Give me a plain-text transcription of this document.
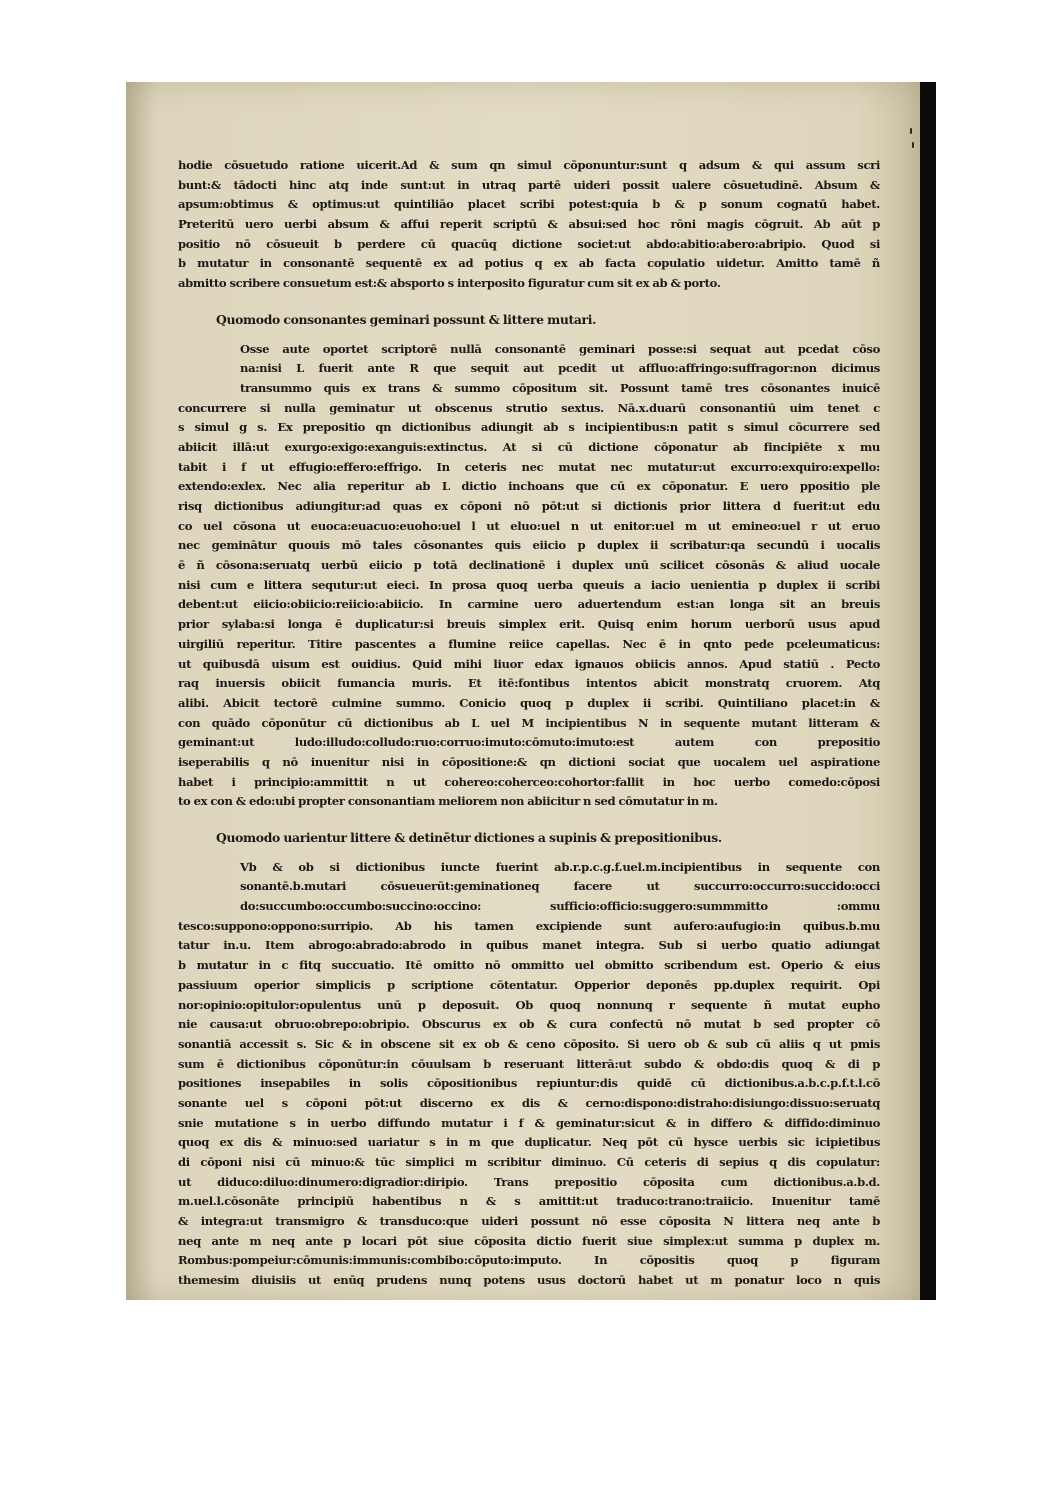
hodie cōsuetudo ratione uicerit.Ad & sum qn simul cōponuntur:sunt q adsum & qui assum scri
bunt:& tādocti hinc atq inde sunt:ut in utraq partē uideri possit ualere cōsuetudinē. Absum &
apsum:obtimus & optimus:ut quintiliāo placet scribi potest:quia b & p sonum cognatū habet.
Preteritū uero uerbi absum & affui reperit scriptū & absui:sed hoc rōni magis cōgruit. Ab aūt p
positio nō cōsueuit b perdere cū quacūq dictione societ:ut abdo:abitio:abero:abripio. Quod si
b mutatur in consonantē sequentē ex ad potius q ex ab facta copulatio uidetur. Amitto tamē ñ
abmitto scribere consuetum est:& absporto s interposito figuratur cum sit ex ab & porto.
Quomodo consonantes geminari possunt & littere mutari.
Osse aute oportet scriptorē nullā consonantē geminari posse:si sequat aut pcedat cōso
na:nisi L fuerit ante R que sequit aut pcedit ut affluo:affringo:suffragor:non dicimus
transummo quis ex trans & summo cōpositum sit. Possunt tamē tres cōsonantes inuicē
concurrere si nulla geminatur ut obscenus strutio sextus. Nā.x.duarū consonantiū uim tenet c
s simul g s. Ex prepositio qn dictionibus adiungit ab s incipientibus:n patit s simul cōcurrere sed
abiicit illā:ut exurgo:exigo:exanguis:extinctus. At si cū dictione cōponatur ab fincipiēte x mu
tabit i f ut effugio:effero:effrigo. In ceteris nec mutat nec mutatur:ut excurro:exquiro:expello:
extendo:exlex. Nec alia reperitur ab L dictio inchoans que cū ex cōponatur. E uero ppositio ple
risq dictionibus adiungitur:ad quas ex cōponi nō pōt:ut si dictionis prior littera d fuerit:ut edu
co uel cōsona ut euoca:euacuo:euoho:uel l ut eluo:uel n ut enitor:uel m ut emineo:uel r ut eruo
nec geminātur quouis mō tales cōsonantes quis eiicio p duplex ii scribatur:qa secundū i uocalis
ē ñ cōsona:seruatq uerbū eiicio p totā declinationē i duplex unū scilicet cōsonās & aliud uocale
nisi cum e littera sequtur:ut eieci. In prosa quoq uerba queuis a iacio uenientia p duplex ii scribi
debent:ut eiicio:obiicio:reiicio:abiicio. In carmine uero aduertendum est:an longa sit an breuis
prior sylaba:si longa ē duplicatur:si breuis simplex erit. Quisq enim horum uerborū usus apud
uirgiliū reperitur. Titire pascentes a flumine reiice capellas. Nec ē in qnto pede pceleumaticus:
ut quibusdā uisum est ouidius. Quid mihi liuor edax ignauos obiicis annos. Apud statiū . Pecto
raq inuersis obiicit fumancia muris. Et itē:fontibus intentos abicit monstratq cruorem. Atq
alibi. Abicit tectorē culmine summo. Conicio quoq p duplex ii scribi. Quintiliano placet:in &
con quādo cōponūtur cū dictionibus ab L uel M incipientibus N in sequente mutant litteram &
geminant:ut ludo:illudo:colludo:ruo:corruo:imuto:cōmuto:imuto:est autem con prepositio
iseperabilis q nō inuenitur nisi in cōpositione:& qn dictioni sociat que uocalem uel aspiratione
habet i principio:ammittit n ut cohereo:coherceo:cohortor:fallit in hoc uerbo comedo:cōposi
to ex con & edo:ubi propter consonantiam meliorem non abiicitur n sed cōmutatur in m.
Quomodo uarientur littere & detinētur dictiones a supinis & prepositionibus.
Vb & ob si dictionibus iuncte fuerint ab.r.p.c.g.f.uel.m.incipientibus in sequente con
sonantē.b.mutari cōsueuerūt:geminationeq facere ut succurro:occurro:succido:occi
do:succumbo:occumbo:succino:occino: sufficio:officio:suggero:summmitto :ommu
tesco:suppono:oppono:surripio. Ab his tamen excipiende sunt aufero:aufugio:in quibus.b.mu
tatur in.u. Item abrogo:abrado:abrodo in quibus manet integra. Sub si uerbo quatio adiungat
b mutatur in c fitq succuatio. Itē omitto nō ommitto uel obmitto scribendum est. Operio & eius
passiuum operior simplicis p scriptione cōtentatur. Opperior deponēs pp.duplex requirit. Opi
nor:opinio:opitulor:opulentus unū p deposuit. Ob quoq nonnunq r sequente ñ mutat eupho
nie causa:ut obruo:obrepo:obripio. Obscurus ex ob & cura confectū nō mutat b sed propter cō
sonantiā accessit s. Sic & in obscene sit ex ob & ceno cōposito. Si uero ob & sub cū aliis q ut pmis
sum ē dictionibus cōponūtur:in cōuulsam b reseruant litterā:ut subdo & obdo:dis quoq & di p
positiones insepabiles in solis cōpositionibus repiuntur:dis quidē cū dictionibus.a.b.c.p.f.t.l.cō
sonante uel s cōponi pōt:ut discerno ex dis & cerno:dispono:distraho:disiungo:dissuo:seruatq
snie mutatione s in uerbo diffundo mutatur i f & geminatur:sicut & in differo & diffido:diminuo
quoq ex dis & minuo:sed uariatur s in m que duplicatur. Neq pōt cū hysce uerbis sic icipietibus
di cōponi nisi cū minuo:& tūc simplici m scribitur diminuo. Cū ceteris di sepius q dis copulatur:
ut diduco:diluo:dinumero:digradior:diripio. Trans prepositio cōposita cum dictionibus.a.b.d.
m.uel.l.cōsonāte principiū habentibus n & s amittit:ut traduco:trano:traiicio. Inuenitur tamē
& integra:ut transmigro & transduco:que uideri possunt nō esse cōposita N littera neq ante b
neq ante m neq ante p locari pōt siue cōposita dictio fuerit siue simplex:ut summa p duplex m.
Rombus:pompeiur:cōmunis:immunis:combibo:cōputo:imputo. In cōpositis quoq p figuram
themesim diuisiis ut enūq prudens nunq potens usus doctorū habet ut m ponatur loco n quis
